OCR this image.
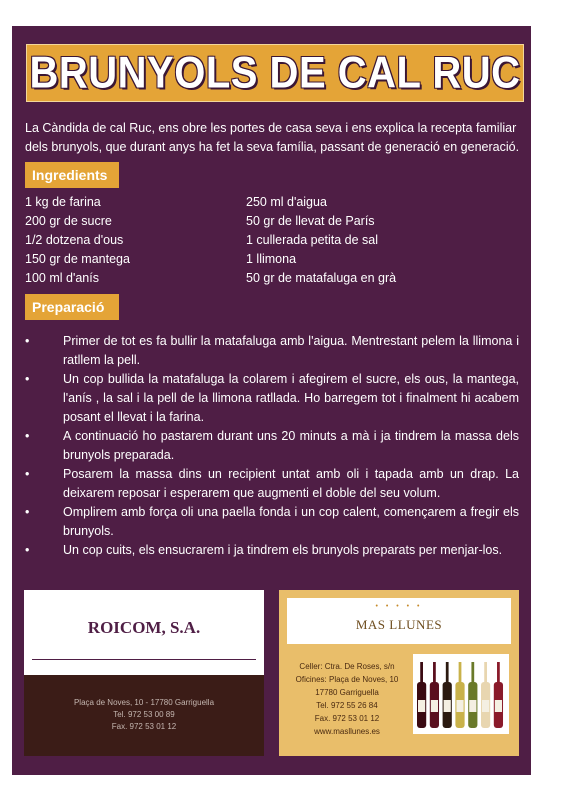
BRUNYOLS DE CAL RUC

La Càndida de cal Ruc, ens obre les portes de casa seva i ens explica la recepta familiar dels brunyols, que durant anys ha fet la seva família, passant de generació en generació.

Ingredients
1 kg de farina
200 gr de sucre
1/2 dotzena d'ous
150 gr de mantega
100 ml d'anís
250 ml d'aigua
50 gr de llevat de París
1 cullerada petita de sal
1 llimona
50 gr de matafaluga en grà
Preparació
•	Primer de tot es fa bullir la matafaluga amb l'aigua. Mentrestant pelem la llimona i ratllem la pell.
•	Un cop bullida la matafaluga la colarem i afegirem el sucre, els ous, la mantega, l'anís , la sal i la pell de la llimona ratllada. Ho barregem tot i finalment hi acabem posant el llevat i la farina.
•	A continuació ho pastarem durant uns 20 minuts a mà i ja tindrem la massa dels brunyols preparada.
•	Posarem la massa dins un recipient untat amb oli i tapada amb un drap. La deixarem reposar i esperarem que augmenti el doble del seu volum.
•	Omplirem amb força oli una paella fonda i un cop calent, començarem a fregir els brunyols.
•	Un cop cuits, els ensucrarem i ja tindrem els brunyols preparats per menjar-los.
ROICOM, S.A.
Plaça de Noves, 10 - 17780 Garriguella
Tel. 972 53 00 89
Fax. 972 53 01 12
• • • • •
MAS LLUNES
Celler: Ctra. De Roses, s/n
Oficines: Plaça de Noves, 10
17780 Garriguella
Tel. 972 55 26 84
Fax. 972 53 01 12
www.masllunes.es
